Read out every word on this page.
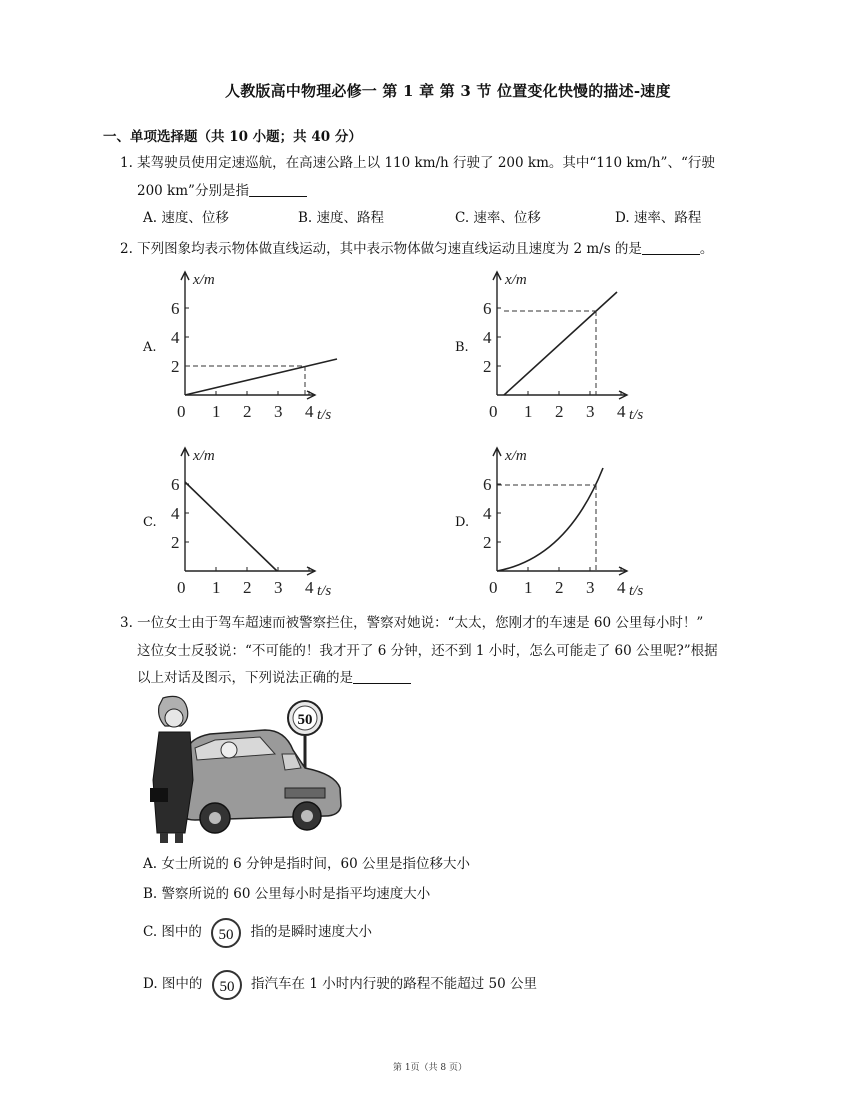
人教版高中物理必修一 第 1 章 第 3 节 位置变化快慢的描述-速度
一、单项选择题（共 10 小题；共 40 分）
1. 某驾驶员使用定速巡航，在高速公路上以 110 km/h 行驶了 200 km。其中“110 km/h”、“行驶
200 km”分别是指
A. 速度、位移	B. 速度、路程	C. 速率、位移	D. 速率、路程
2. 下列图象均表示物体做直线运动，其中表示物体做匀速直线运动且速度为 2 m/s 的是	。
A.	B.
C.	D.
x/m
t/s
2
4
6
0 1 2 3 4
x/m
t/s
2
4
6
0 1 2 3 4
x/m
t/s
2
4
6
0 1 2 3 4
x/m
t/s
2
4
6
0 1 2 3 4
3. 一位女士由于驾车超速而被警察拦住，警察对她说：“太太，您刚才的车速是 60 公里每小时！”
这位女士反驳说：“不可能的！我才开了 6 分钟，还不到 1 小时，怎么可能走了 60 公里呢?”根据
以上对话及图示，下列说法正确的是
50
A. 女士所说的 6 分钟是指时间，60 公里是指位移大小
B. 警察所说的 60 公里每小时是指平均速度大小
C. 图中的 50 指的是瞬时速度大小
D. 图中的 50 指汽车在 1 小时内行驶的路程不能超过 50 公里
第 1页（共 8 页）
